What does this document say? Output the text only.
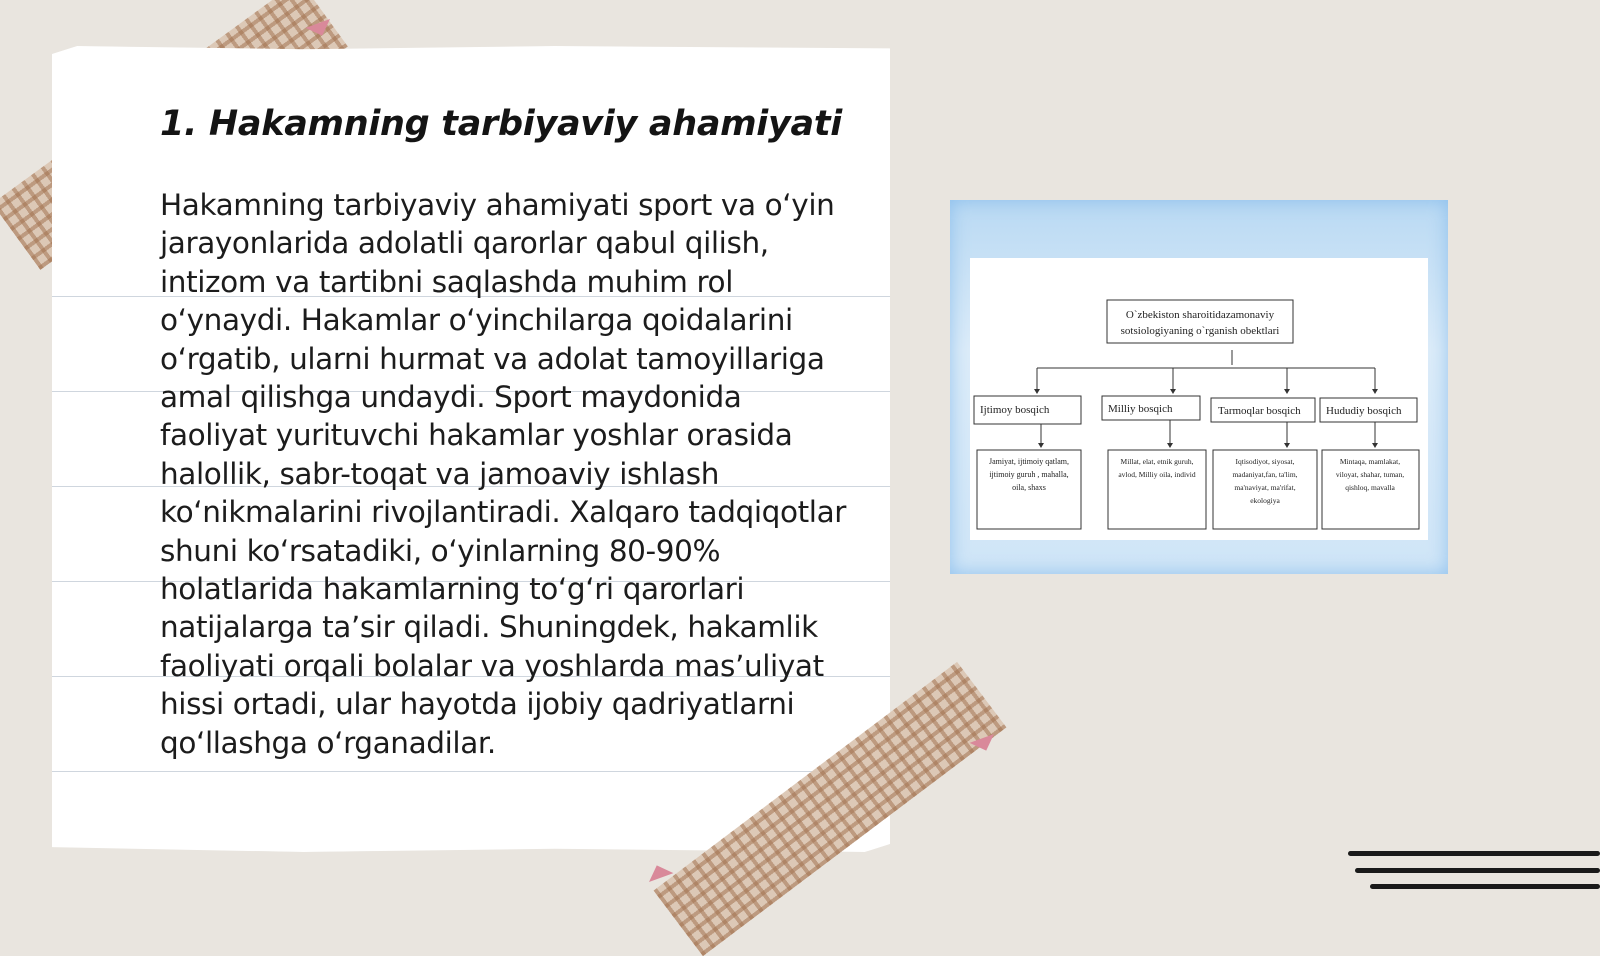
1. Hakamning tarbiyaviy ahamiyati

Hakamning tarbiyaviy ahamiyati sport va o‘yin jarayonlarida adolatli qarorlar qabul qilish, intizom va tartibni saqlashda muhim rol o‘ynaydi. Hakamlar o‘yinchilarga qoidalarini o‘rgatib, ularni hurmat va adolat tamoyillariga amal qilishga undaydi. Sport maydonida faoliyat yurituvchi hakamlar yoshlar orasida halollik, sabr-toqat va jamoaviy ishlash ko‘nikmalarini rivojlantiradi. Xalqaro tadqiqotlar shuni ko‘rsatadiki, o‘yinlarning 80-90% holatlarida hakamlarning to‘g‘ri qarorlari natijalarga ta’sir qiladi. Shuningdek, hakamlik faoliyati orqali bolalar va yoshlarda mas’uliyat hissi ortadi, ular hayotda ijobiy qadriyatlarni qo‘llashga o‘rganadilar.

O`zbekiston sharoitidazamonaviy
sotsiologiyaning o`rganish obektlari
Ijtimoy bosqich	Milliy bosqich	Tarmoqlar bosqich Hududiy bosqich
Jamiyat, ijtimoiy qatlam,
ijtimoiy guruh , mahalla,
oila, shaxs
Millat, elat, etnik guruh,
avlod, Milliy oila, individ
Iqtisodiyot, siyosat,
madaniyat,fan, ta'lim,
ma'naviyat, ma'rifat,
ekologiya
Mintaqa, mamlakat,
viloyat, shahar, tuman,
qishloq, mavalla
